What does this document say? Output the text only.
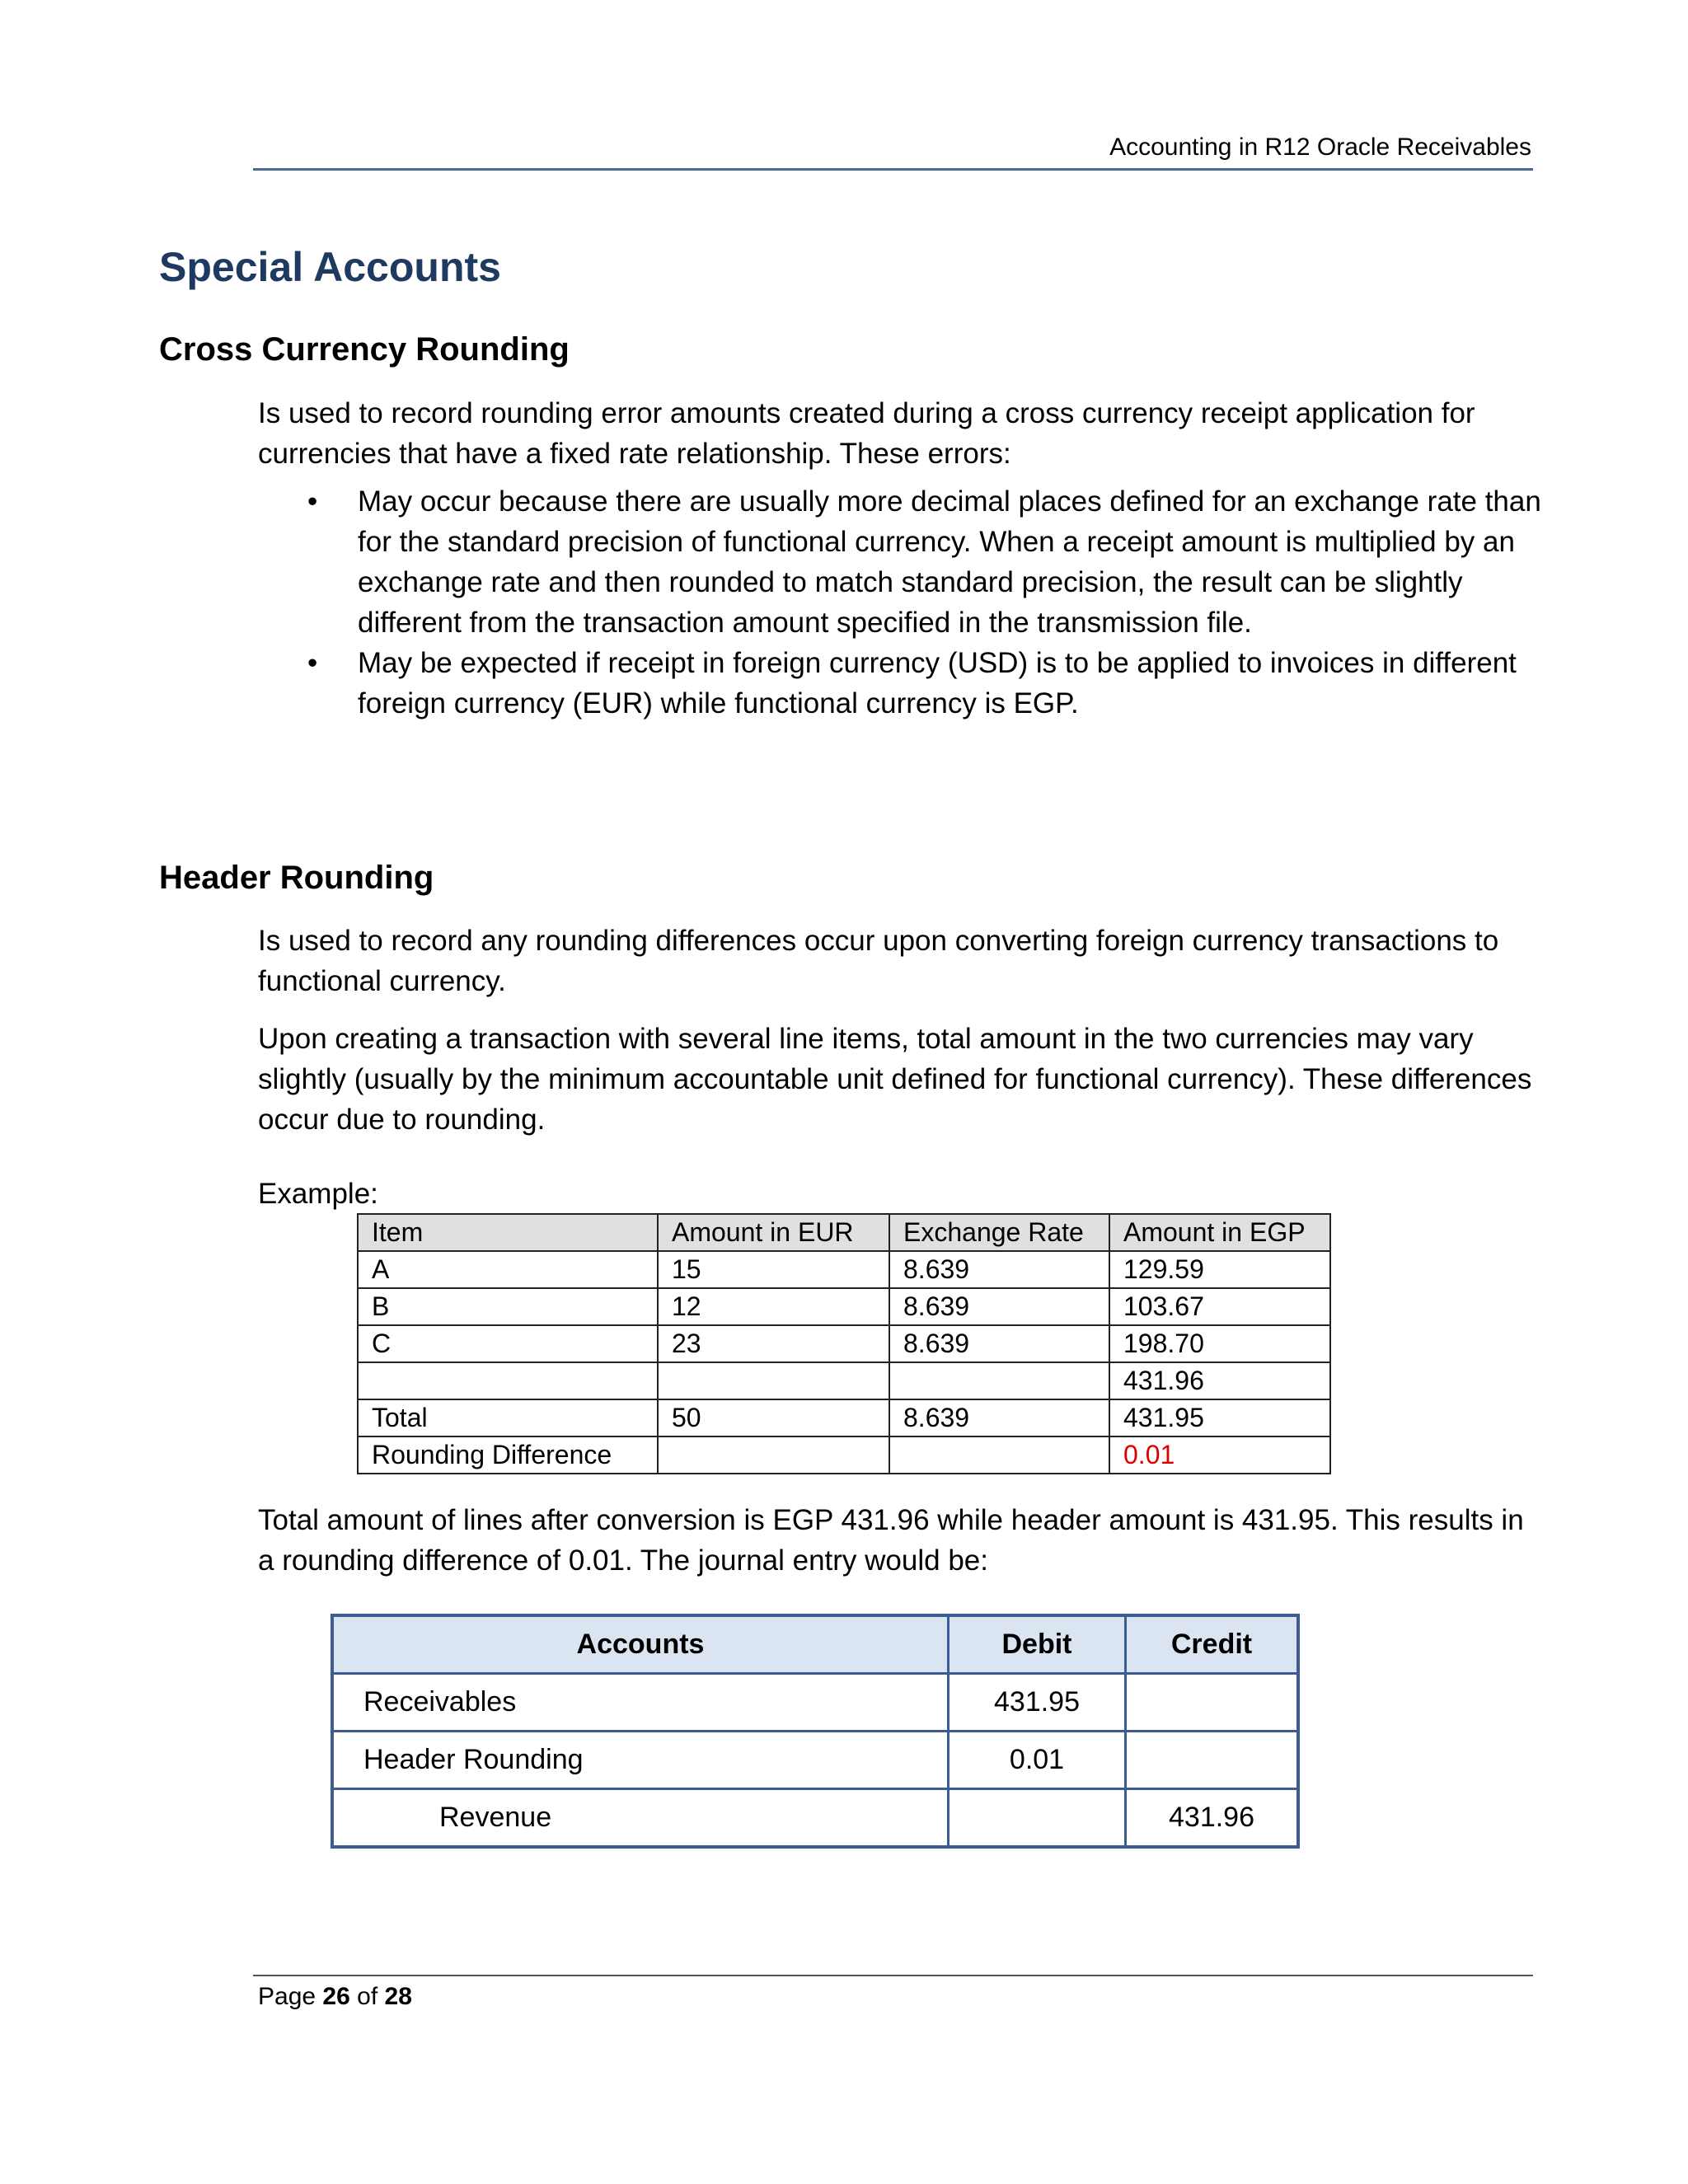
Accounting in R12 Oracle Receivables
Special Accounts
Cross Currency Rounding

Is used to record rounding error amounts created during a cross currency receipt application for currencies that have a fixed rate relationship. These errors:

• May occur because there are usually more decimal places defined for an exchange rate than for the standard precision of functional currency. When a receipt amount is multiplied by an exchange rate and then rounded to match standard precision, the result can be slightly different from the transaction amount specified in the transmission file.
• May be expected if receipt in foreign currency (USD) is to be applied to invoices in different foreign currency (EUR) while functional currency is EGP.
Header Rounding

Is used to record any rounding differences occur upon converting foreign currency transactions to functional currency.

Upon creating a transaction with several line items, total amount in the two currencies may vary slightly (usually by the minimum accountable unit defined for functional currency). These differences occur due to rounding.

Example:

Item	Amount in EUR	Exchange Rate	Amount in EGP
A	15	8.639	129.59
B	12	8.639	103.67
C	23	8.639	198.70
			431.96
Total	50	8.639	431.95
Rounding Difference			0.01

Total amount of lines after conversion is EGP 431.96 while header amount is 431.95. This results in a rounding difference of 0.01. The journal entry would be:

Accounts	Debit	Credit
Receivables	431.95	
Header Rounding	0.01	
Revenue		431.96
Page 26 of 28
